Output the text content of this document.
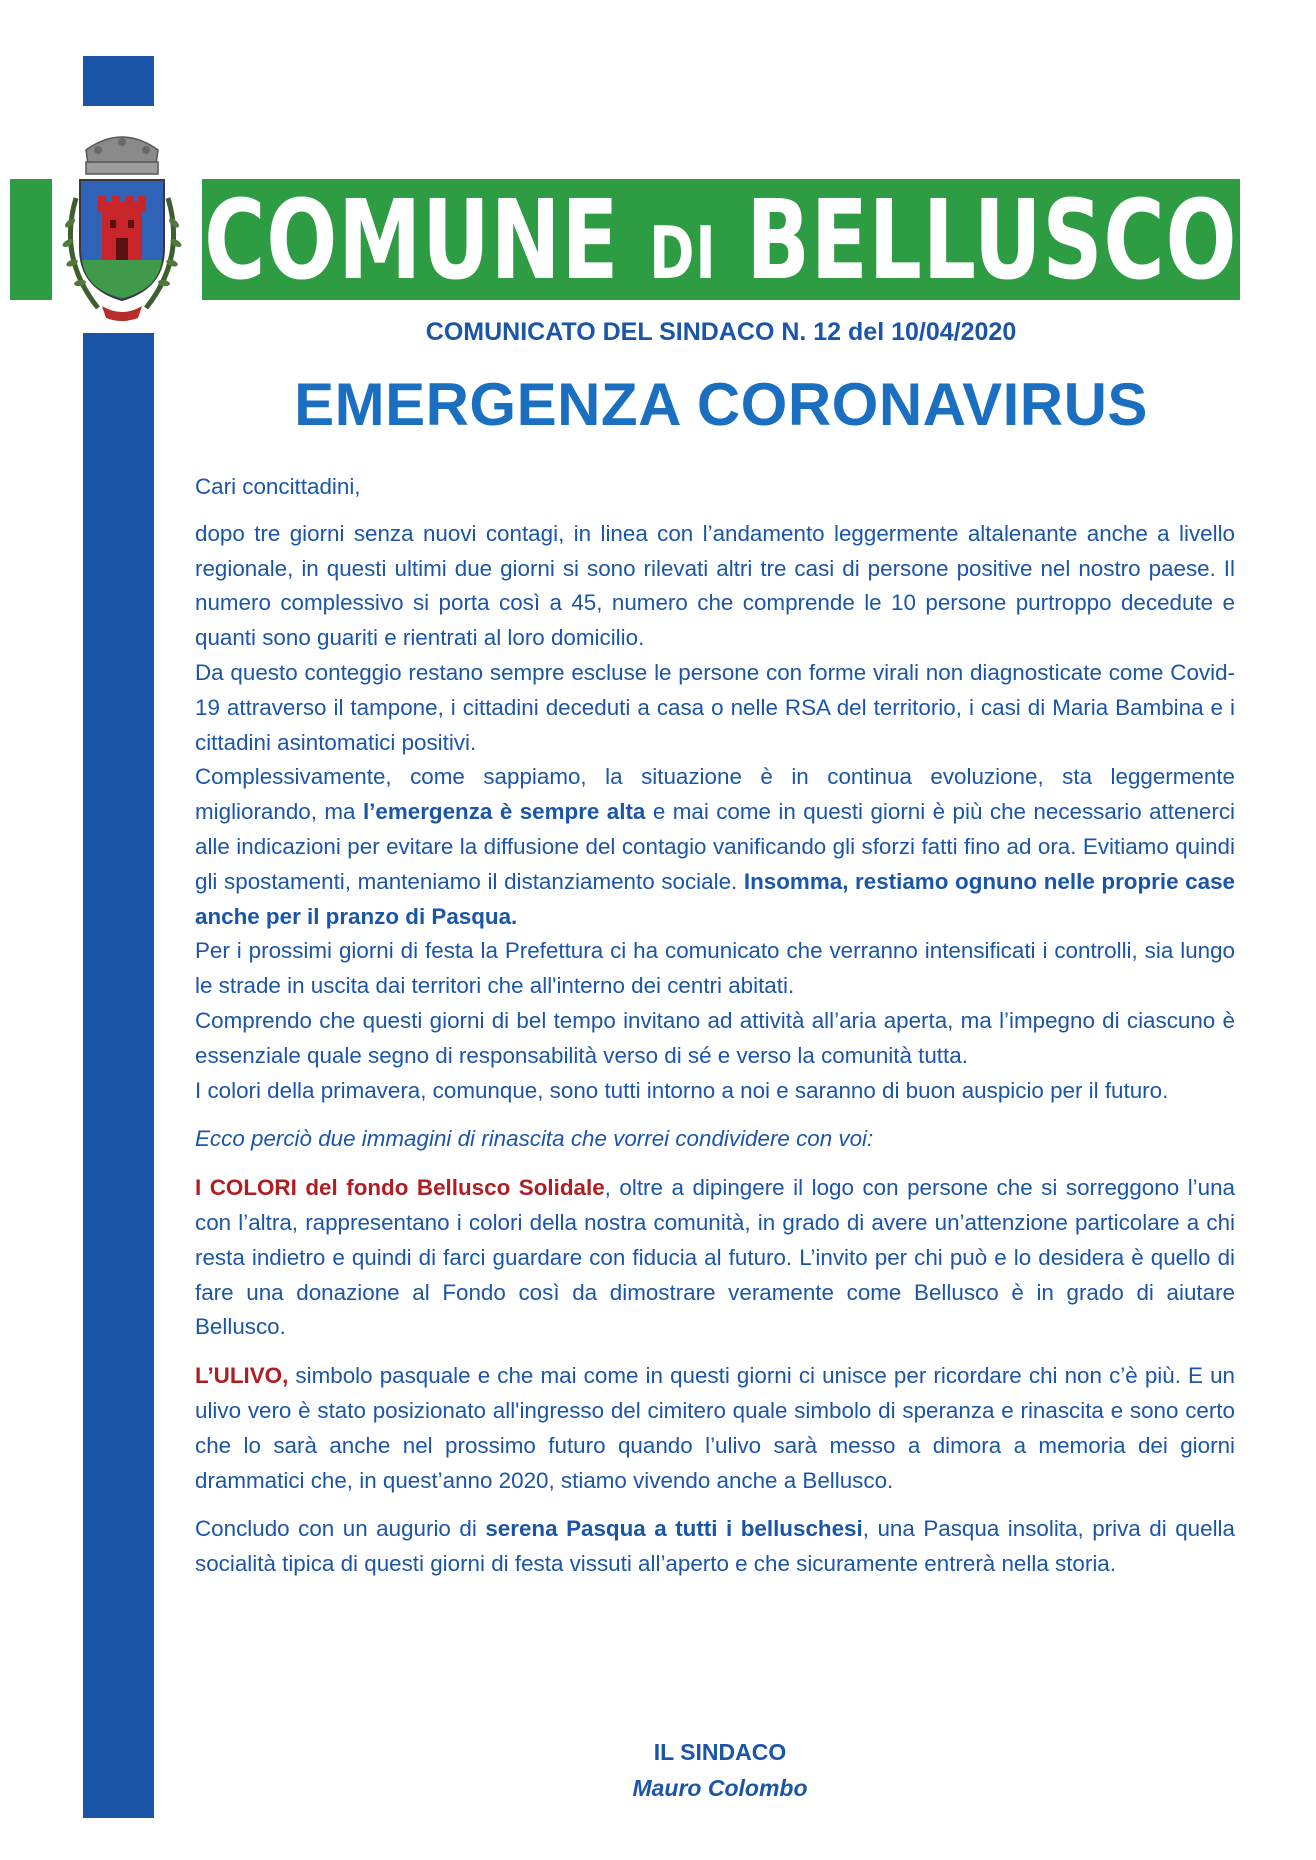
COMUNE DI BELLUSCO
COMUNICATO DEL SINDACO N. 12 del 10/04/2020
EMERGENZA CORONAVIRUS

Cari concittadini,

dopo tre giorni senza nuovi contagi, in linea con l’andamento leggermente altalenante anche a livello regionale, in questi ultimi due giorni si sono rilevati altri tre casi di persone positive nel nostro paese. Il numero complessivo si porta così a 45, numero che comprende le 10 persone purtroppo decedute e quanti sono guariti e rientrati al loro domicilio.

Da questo conteggio restano sempre escluse le persone con forme virali non diagnosticate come Covid-19 attraverso il tampone, i cittadini deceduti a casa o nelle RSA del territorio, i casi di Maria Bambina e i cittadini asintomatici positivi.

Complessivamente, come sappiamo, la situazione è in continua evoluzione, sta leggermente migliorando, ma l’emergenza è sempre alta e mai come in questi giorni è più che necessario attenerci alle indicazioni per evitare la diffusione del contagio vanificando gli sforzi fatti fino ad ora. Evitiamo quindi gli spostamenti, manteniamo il distanziamento sociale. Insomma, restiamo ognuno nelle proprie case anche per il pranzo di Pasqua.

Per i prossimi giorni di festa la Prefettura ci ha comunicato che verranno intensificati i controlli, sia lungo le strade in uscita dai territori che all'interno dei centri abitati.

Comprendo che questi giorni di bel tempo invitano ad attività all’aria aperta, ma l’impegno di ciascuno è essenziale quale segno di responsabilità verso di sé e verso la comunità tutta.

I colori della primavera, comunque, sono tutti intorno a noi e saranno di buon auspicio per il futuro.

Ecco perciò due immagini di rinascita che vorrei condividere con voi:

I COLORI del fondo Bellusco Solidale, oltre a dipingere il logo con persone che si sorreggono l’una con l’altra, rappresentano i colori della nostra comunità, in grado di avere un’attenzione particolare a chi resta indietro e quindi di farci guardare con fiducia al futuro. L’invito per chi può e lo desidera è quello di fare una donazione al Fondo così da dimostrare veramente come Bellusco è in grado di aiutare Bellusco.

L’ULIVO, simbolo pasquale e che mai come in questi giorni ci unisce per ricordare chi non c’è più. E un ulivo vero è stato posizionato all'ingresso del cimitero quale simbolo di speranza e rinascita e sono certo che lo sarà anche nel prossimo futuro quando l’ulivo sarà messo a dimora a memoria dei giorni drammatici che, in quest’anno 2020, stiamo vivendo anche a Bellusco.

Concludo con un augurio di serena Pasqua a tutti i belluschesi, una Pasqua insolita, priva di quella socialità tipica di questi giorni di festa vissuti all’aperto e che sicuramente entrerà nella storia.

IL SINDACO
Mauro Colombo
